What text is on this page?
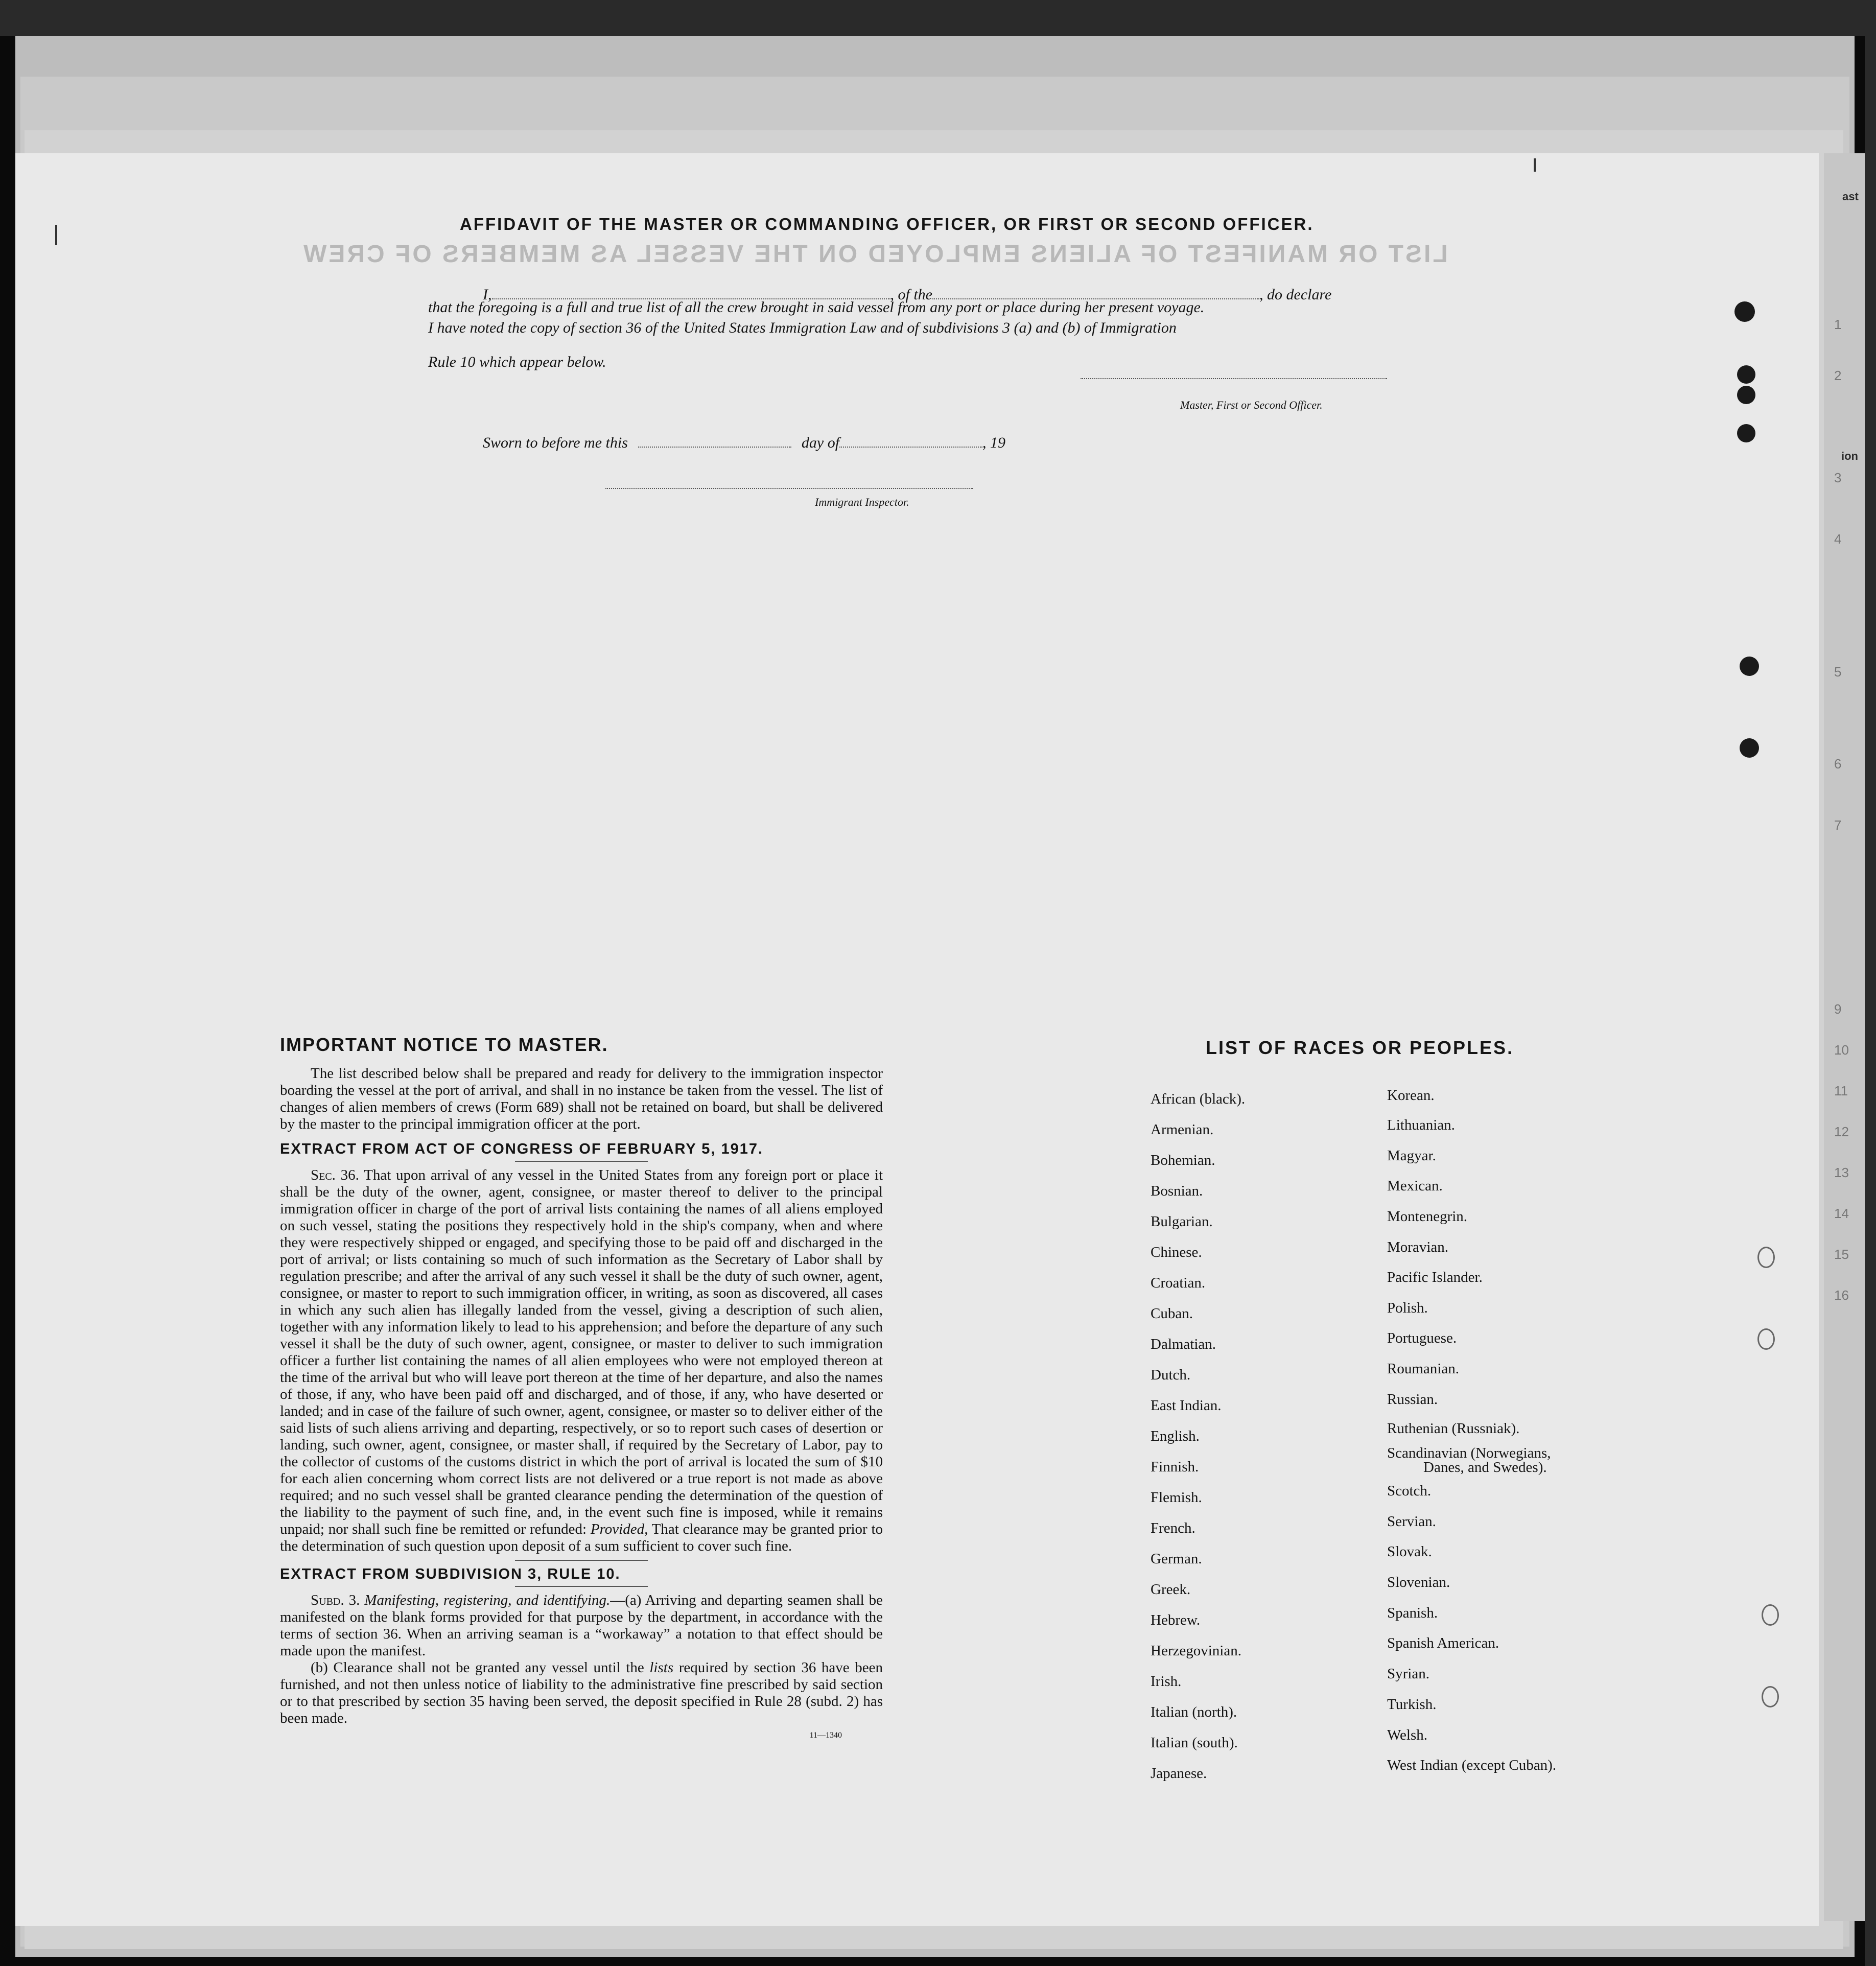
1
2
3
4
5
6
7
9
10
11
12
13
14
15
16
LIST OR MANIFEST OF ALIENS EMPLOYED ON THE VESSEL AS MEMBERS OF CREW
ast
ion
AFFIDAVIT OF THE MASTER OR COMMANDING OFFICER, OR FIRST OR SECOND OFFICER.
I,	, of the	, do declare
that the foregoing is a full and true list of all the crew brought in said vessel from any port or place during her present voyage.
I have noted the copy of section 36 of the United States Immigration Law and of subdivisions 3 (a) and (b) of Immigration
Rule 10 which appear below.
Master, First or Second Officer.
Sworn to before me this	day of	, 19
Immigrant Inspector.

IMPORTANT NOTICE TO MASTER.

The list described below shall be prepared and ready for delivery to the immigration inspector boarding the vessel at the port of arrival, and shall in no instance be taken from the vessel. The list of changes of alien members of crews (Form 689) shall not be retained on board, but shall be delivered by the master to the principal immigration officer at the port.

EXTRACT FROM ACT OF CONGRESS OF FEBRUARY 5, 1917.

Sec. 36. That upon arrival of any vessel in the United States from any foreign port or place it shall be the duty of the owner, agent, consignee, or master thereof to deliver to the principal immigration officer in charge of the port of arrival lists containing the names of all aliens employed on such vessel, stating the positions they respectively hold in the ship's company, when and where they were respectively shipped or engaged, and specifying those to be paid off and discharged in the port of arrival; or lists containing so much of such information as the Secretary of Labor shall by regulation prescribe; and after the arrival of any such vessel it shall be the duty of such owner, agent, consignee, or master to report to such immigration officer, in writing, as soon as discovered, all cases in which any such alien has illegally landed from the vessel, giving a description of such alien, together with any information likely to lead to his apprehension; and before the departure of any such vessel it shall be the duty of such owner, agent, consignee, or master to deliver to such immigration officer a further list containing the names of all alien employees who were not employed thereon at the time of the arrival but who will leave port thereon at the time of her departure, and also the names of those, if any, who have been paid off and discharged, and of those, if any, who have deserted or landed; and in case of the failure of such owner, agent, consignee, or master so to deliver either of the said lists of such aliens arriving and departing, respectively, or so to report such cases of desertion or landing, such owner, agent, consignee, or master shall, if required by the Secretary of Labor, pay to the collector of customs of the customs district in which the port of arrival is located the sum of $10 for each alien concerning whom correct lists are not delivered or a true report is not made as above required; and no such vessel shall be granted clearance pending the determination of the question of the liability to the payment of such fine, and, in the event such fine is imposed, while it remains unpaid; nor shall such fine be remitted or refunded: Provided, That clearance may be granted prior to the determination of such question upon deposit of a sum sufficient to cover such fine.

EXTRACT FROM SUBDIVISION 3, RULE 10.

Subd. 3. Manifesting, registering, and identifying.—(a) Arriving and departing seamen shall be manifested on the blank forms provided for that purpose by the department, in accordance with the terms of section 36. When an arriving seaman is a “workaway” a notation to that effect should be made upon the manifest.

(b) Clearance shall not be granted any vessel until the lists required by section 36 have been furnished, and not then unless notice of liability to the administrative fine prescribed by said section or to that prescribed by section 35 having been served, the deposit specified in Rule 28 (subd. 2) has been made.

11—1340

LIST OF RACES OR PEOPLES.
African (black).
Armenian.
Bohemian.
Bosnian.
Bulgarian.
Chinese.
Croatian.
Cuban.
Dalmatian.
Dutch.
East Indian.
English.
Finnish.
Flemish.
French.
German.
Greek.
Hebrew.
Herzegovinian.
Irish.
Italian (north).
Italian (south).
Japanese.
Korean.
Lithuanian.
Magyar.
Mexican.
Montenegrin.
Moravian.
Pacific Islander.
Polish.
Portuguese.
Roumanian.
Russian.
Ruthenian (Russniak).
Scandinavian (Norwegians,
Danes, and Swedes).
Scotch.
Servian.
Slovak.
Slovenian.
Spanish.
Spanish American.
Syrian.
Turkish.
Welsh.
West Indian (except Cuban).
